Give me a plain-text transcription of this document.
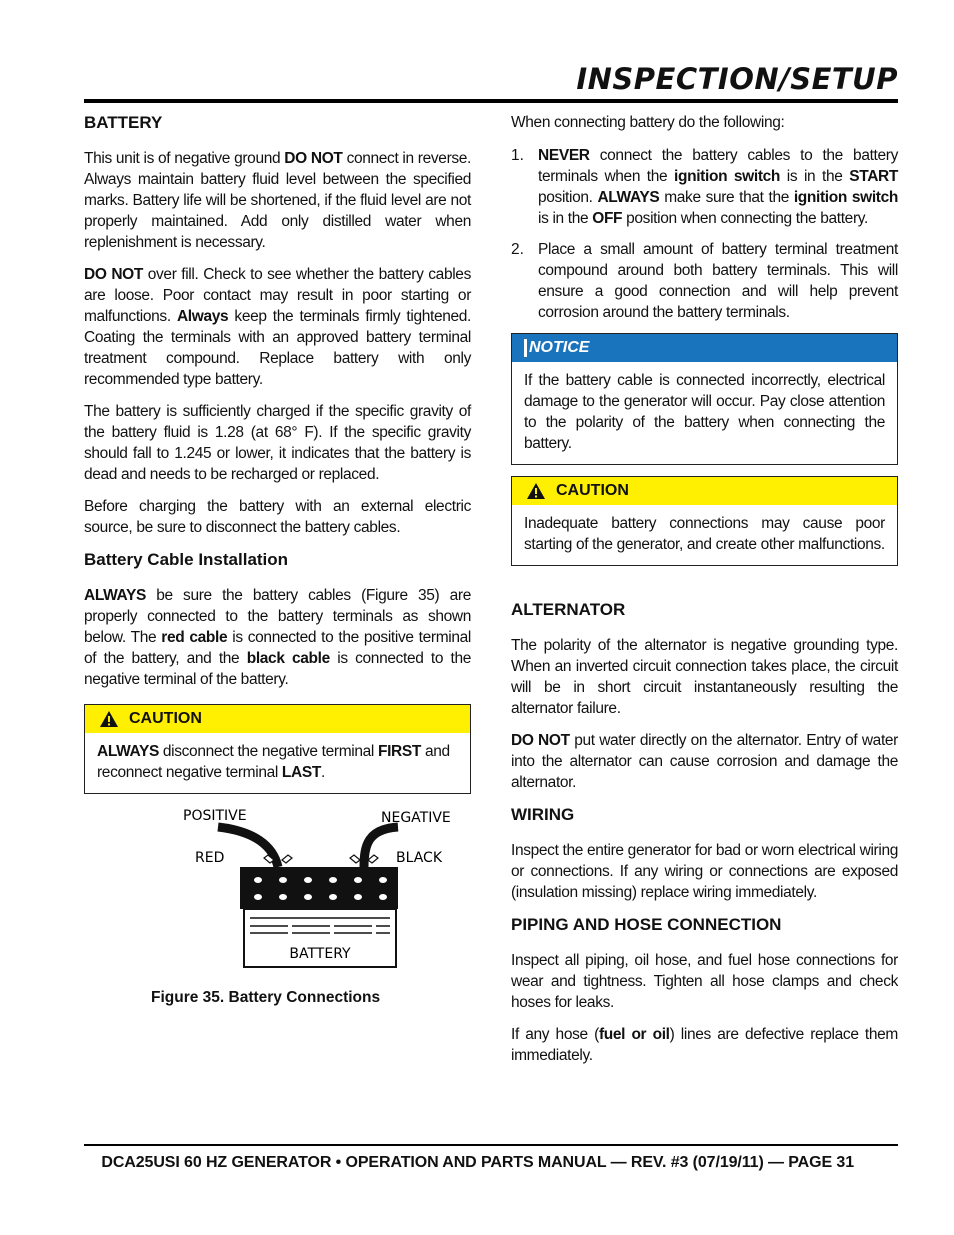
INSPECTION/SETUP
BATTERY

This unit is of negative ground DO NOT connect in reverse. Always maintain battery fluid level between the specified marks. Battery life will be shortened, if the fluid level are not properly maintained. Add only distilled water when replenishment is necessary.

DO NOT over fill. Check to see whether the battery cables are loose. Poor contact may result in poor starting or malfunctions. Always keep the terminals firmly tightened. Coating the terminals with an approved battery terminal treatment compound. Replace battery with only recommended type battery.

The battery is sufficiently charged if the specific gravity of the battery fluid is 1.28 (at 68° F). If the specific gravity should fall to 1.245 or lower, it indicates that the battery is dead and needs to be recharged or replaced.

Before charging the battery with an external electric source, be sure to disconnect the battery cables.

Battery Cable Installation

ALWAYS be sure the battery cables (Figure 35) are properly connected to the battery terminals as shown below. The red cable is connected to the positive terminal of the battery, and the black cable is connected to the negative terminal of the battery.

CAUTION

ALWAYS disconnect the negative terminal FIRST and reconnect negative terminal LAST.

POSITIVE	NEGATIVE
RED	BLACK
BATTERY
Figure 35. Battery Connections

When connecting battery do the following:

1. NEVER connect the battery cables to the battery terminals when the ignition switch is in the START position. ALWAYS make sure that the ignition switch is in the OFF position when connecting the battery.

2. Place a small amount of battery terminal treatment compound around both battery terminals. This will ensure a good connection and will help prevent corrosion around the battery terminals.

NOTICE

If the battery cable is connected incorrectly, electrical damage to the generator will occur. Pay close attention to the polarity of the battery when connecting the battery.

CAUTION

Inadequate battery connections may cause poor starting of the generator, and create other malfunctions.

ALTERNATOR

The polarity of the alternator is negative grounding type. When an inverted circuit connection takes place, the circuit will be in short circuit instantaneously resulting the alternator failure.

DO NOT put water directly on the alternator. Entry of water into the alternator can cause corrosion and damage the alternator.

WIRING

Inspect the entire generator for bad or worn electrical wiring or connections. If any wiring or connections are exposed (insulation missing) replace wiring immediately.

PIPING AND HOSE CONNECTION

Inspect all piping, oil hose, and fuel hose connections for wear and tightness. Tighten all hose clamps and check hoses for leaks.

If any hose (fuel or oil) lines are defective replace them immediately.

DCA25USI 60 HZ GENERATOR • OPERATION AND PARTS MANUAL — REV. #3 (07/19/11) — PAGE 31
